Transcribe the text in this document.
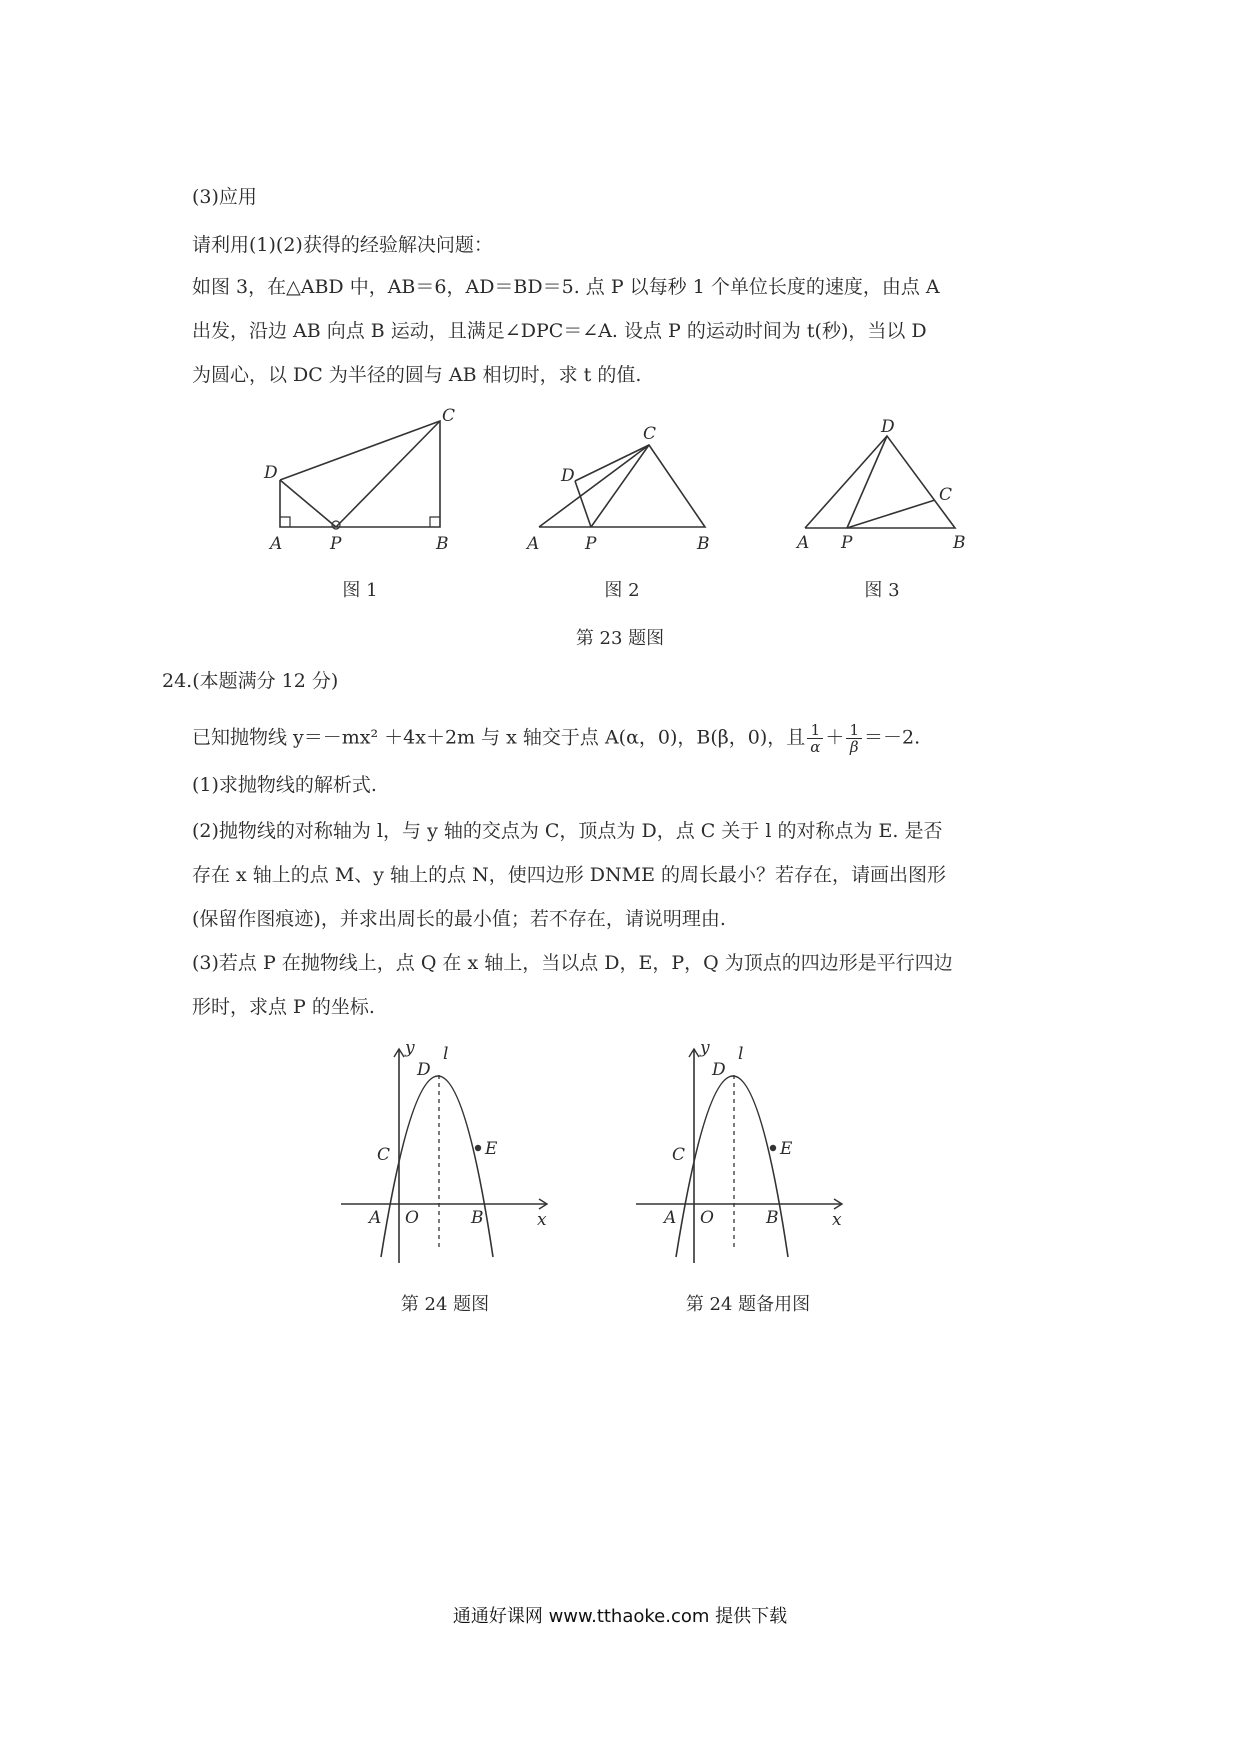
(3)应用
请利用(1)(2)获得的经验解决问题：
如图 3，在△ABD 中，AB＝6，AD＝BD＝5. 点 P 以每秒 1 个单位长度的速度，由点 A
出发，沿边 AB 向点 B 运动，且满足∠DPC＝∠A. 设点 P 的运动时间为 t(秒)，当以 D
为圆心，以 DC 为半径的圆与 AB 相切时，求 t 的值.
D
C
A	P	B
图 1
D
C
A	P	B
图 2
D
C
A P	B
图 3
第 23 题图
24.(本题满分 12 分)
已知抛物线 y＝－mx² ＋4x＋2m 与 x 轴交于点 A(α，0)，B(β，0)，且 $\frac{1}{\alpha} + \frac{1}{\beta} =-2$.
(1)求抛物线的解析式.
(2)抛物线的对称轴为 l，与 y 轴的交点为 C，顶点为 D，点 C 关于 l 的对称点为 E. 是否
存在 x 轴上的点 M、y 轴上的点 N，使四边形 DNME 的周长最小？若存在，请画出图形
(保留作图痕迹)，并求出周长的最小值；若不存在，请说明理由.
(3)若点 P 在抛物线上，点 Q 在 x 轴上，当以点 D，E，P，Q 为顶点的四边形是平行四边
形时，求点 P 的坐标.
y
D
l
C	E
A O	B	x
第 24 题图
y
D
l
C	E
A O	B	x
第 24 题备用图
通通好课网 www.tthaoke.com 提供下载
